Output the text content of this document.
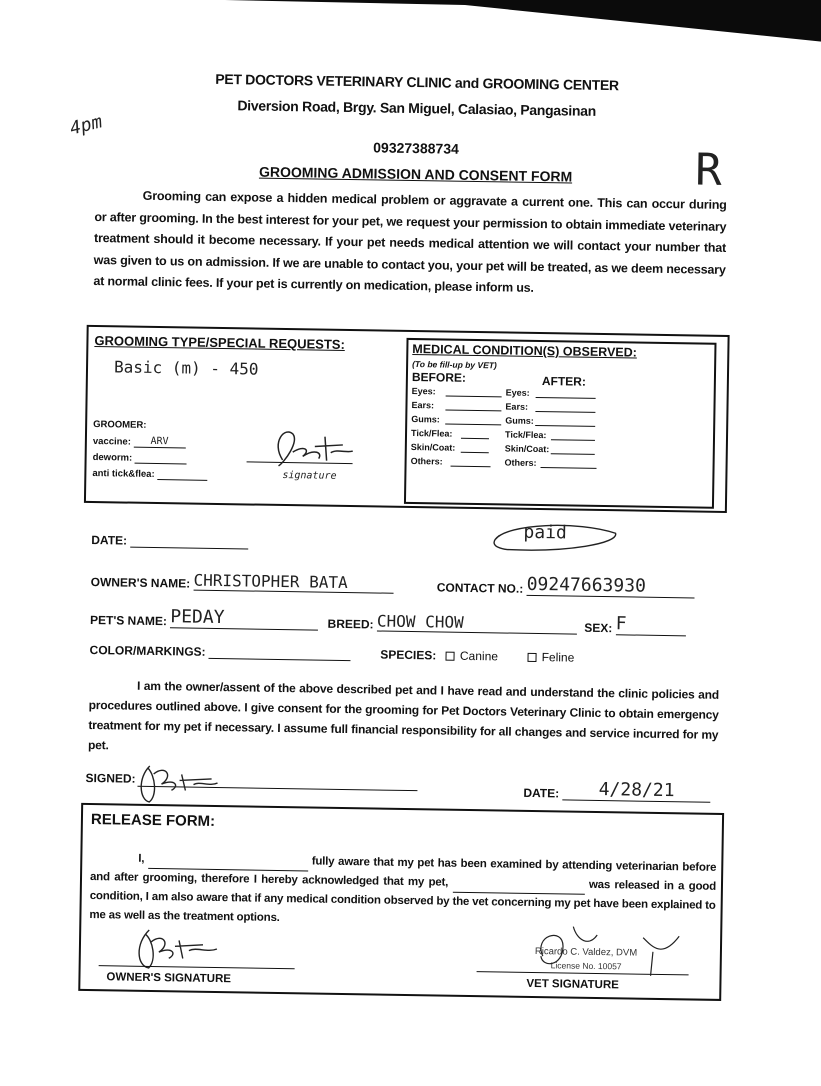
4pm
R
PET DOCTORS VETERINARY CLINIC and GROOMING CENTER
Diversion Road, Brgy. San Miguel, Calasiao, Pangasinan
09327388734
GROOMING ADMISSION AND CONSENT FORM
Grooming can expose a hidden medical problem or aggravate a current one. This can occur during or after grooming. In the best interest for your pet, we request your permission to obtain immediate veterinary treatment should it become necessary. If your pet needs medical attention we will contact your number that was given to us on admission. If we are unable to contact you, your pet will be treated, as we deem necessary at normal clinic fees. If your pet is currently on medication, please inform us.
GROOMING TYPE/SPECIAL REQUESTS:
Basic (m) - 450
GROOMER:
vaccine: ARV
deworm:
anti tick&flea:	signature
MEDICAL CONDITION(S) OBSERVED:
(To be fill-up by VET)
BEFORE:	AFTER:
Eyes:	Eyes:
Ears:	Ears:
Gums:	Gums:
Tick/Flea:	Tick/Flea:
Skin/Coat:	Skin/Coat:
Others:	Others:
paid
DATE:
OWNER'S NAME: CHRISTOPHER BATA	CONTACT NO.: 09247663930
PET'S NAME: PEDAY	BREED: CHOW CHOW	SEX: F
COLOR/MARKINGS:	SPECIES: Canine	Feline
I am the owner/assent of the above described pet and I have read and understand the clinic policies and procedures outlined above. I give consent for the grooming for Pet Doctors Veterinary Clinic to obtain emergency treatment for my pet if necessary. I assume full financial responsibility for all changes and service incurred for my pet.
SIGNED:
DATE: 4/28/21
RELEASE FORM:
I,	fully aware that my pet has been examined by attending veterinarian before and after grooming, therefore I hereby acknowledged that my pet,	was released in a good condition, I am also aware that if any medical condition observed by the vet concerning my pet have been explained to me as well as the treatment options.
OWNER'S SIGNATURE	VET SIGNATURE
Ricardo C. Valdez, DVM
License No. 10057
